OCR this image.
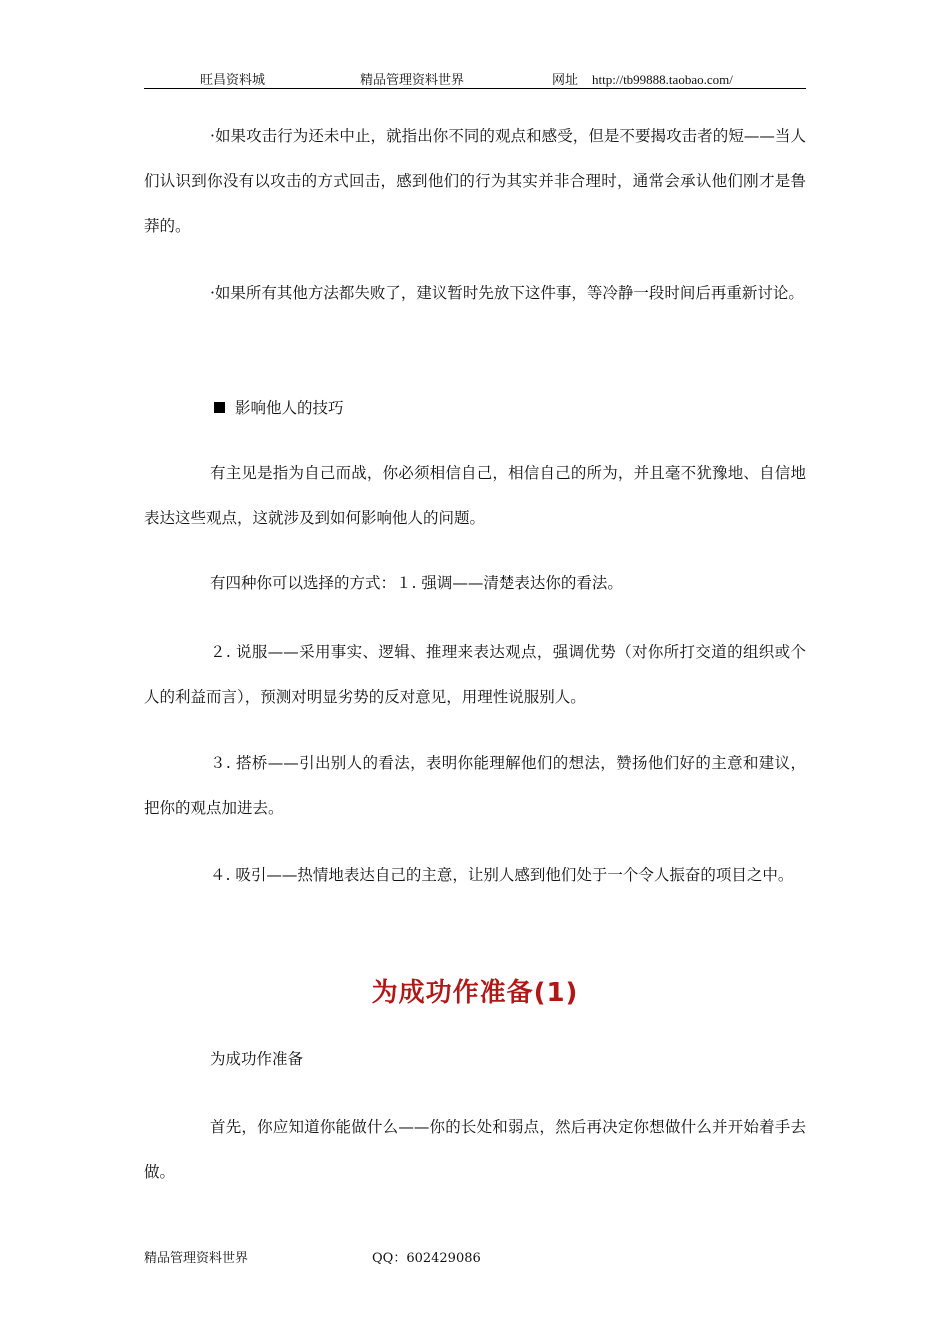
旺昌资料城	精品管理资料世界	网址 http://tb99888.taobao.com/

·如果攻击行为还未中止，就指出你不同的观点和感受，但是不要揭攻击者的短——当人们认识到你没有以攻击的方式回击，感到他们的行为其实并非合理时，通常会承认他们刚才是鲁莽的。

·如果所有其他方法都失败了，建议暂时先放下这件事，等冷静一段时间后再重新讨论。

影响他人的技巧

有主见是指为自己而战，你必须相信自己，相信自己的所为，并且毫不犹豫地、自信地表达这些观点，这就涉及到如何影响他人的问题。

有四种你可以选择的方式：１. 强调——清楚表达你的看法。

２. 说服——采用事实、逻辑、推理来表达观点，强调优势（对你所打交道的组织或个人的利益而言），预测对明显劣势的反对意见，用理性说服别人。

３. 搭桥——引出别人的看法，表明你能理解他们的想法，赞扬他们好的主意和建议，把你的观点加进去。

４. 吸引——热情地表达自己的主意，让别人感到他们处于一个令人振奋的项目之中。

为成功作准备(1)

为成功作准备

首先，你应知道你能做什么——你的长处和弱点，然后再决定你想做什么并开始着手去做。

精品管理资料世界	QQ：602429086
